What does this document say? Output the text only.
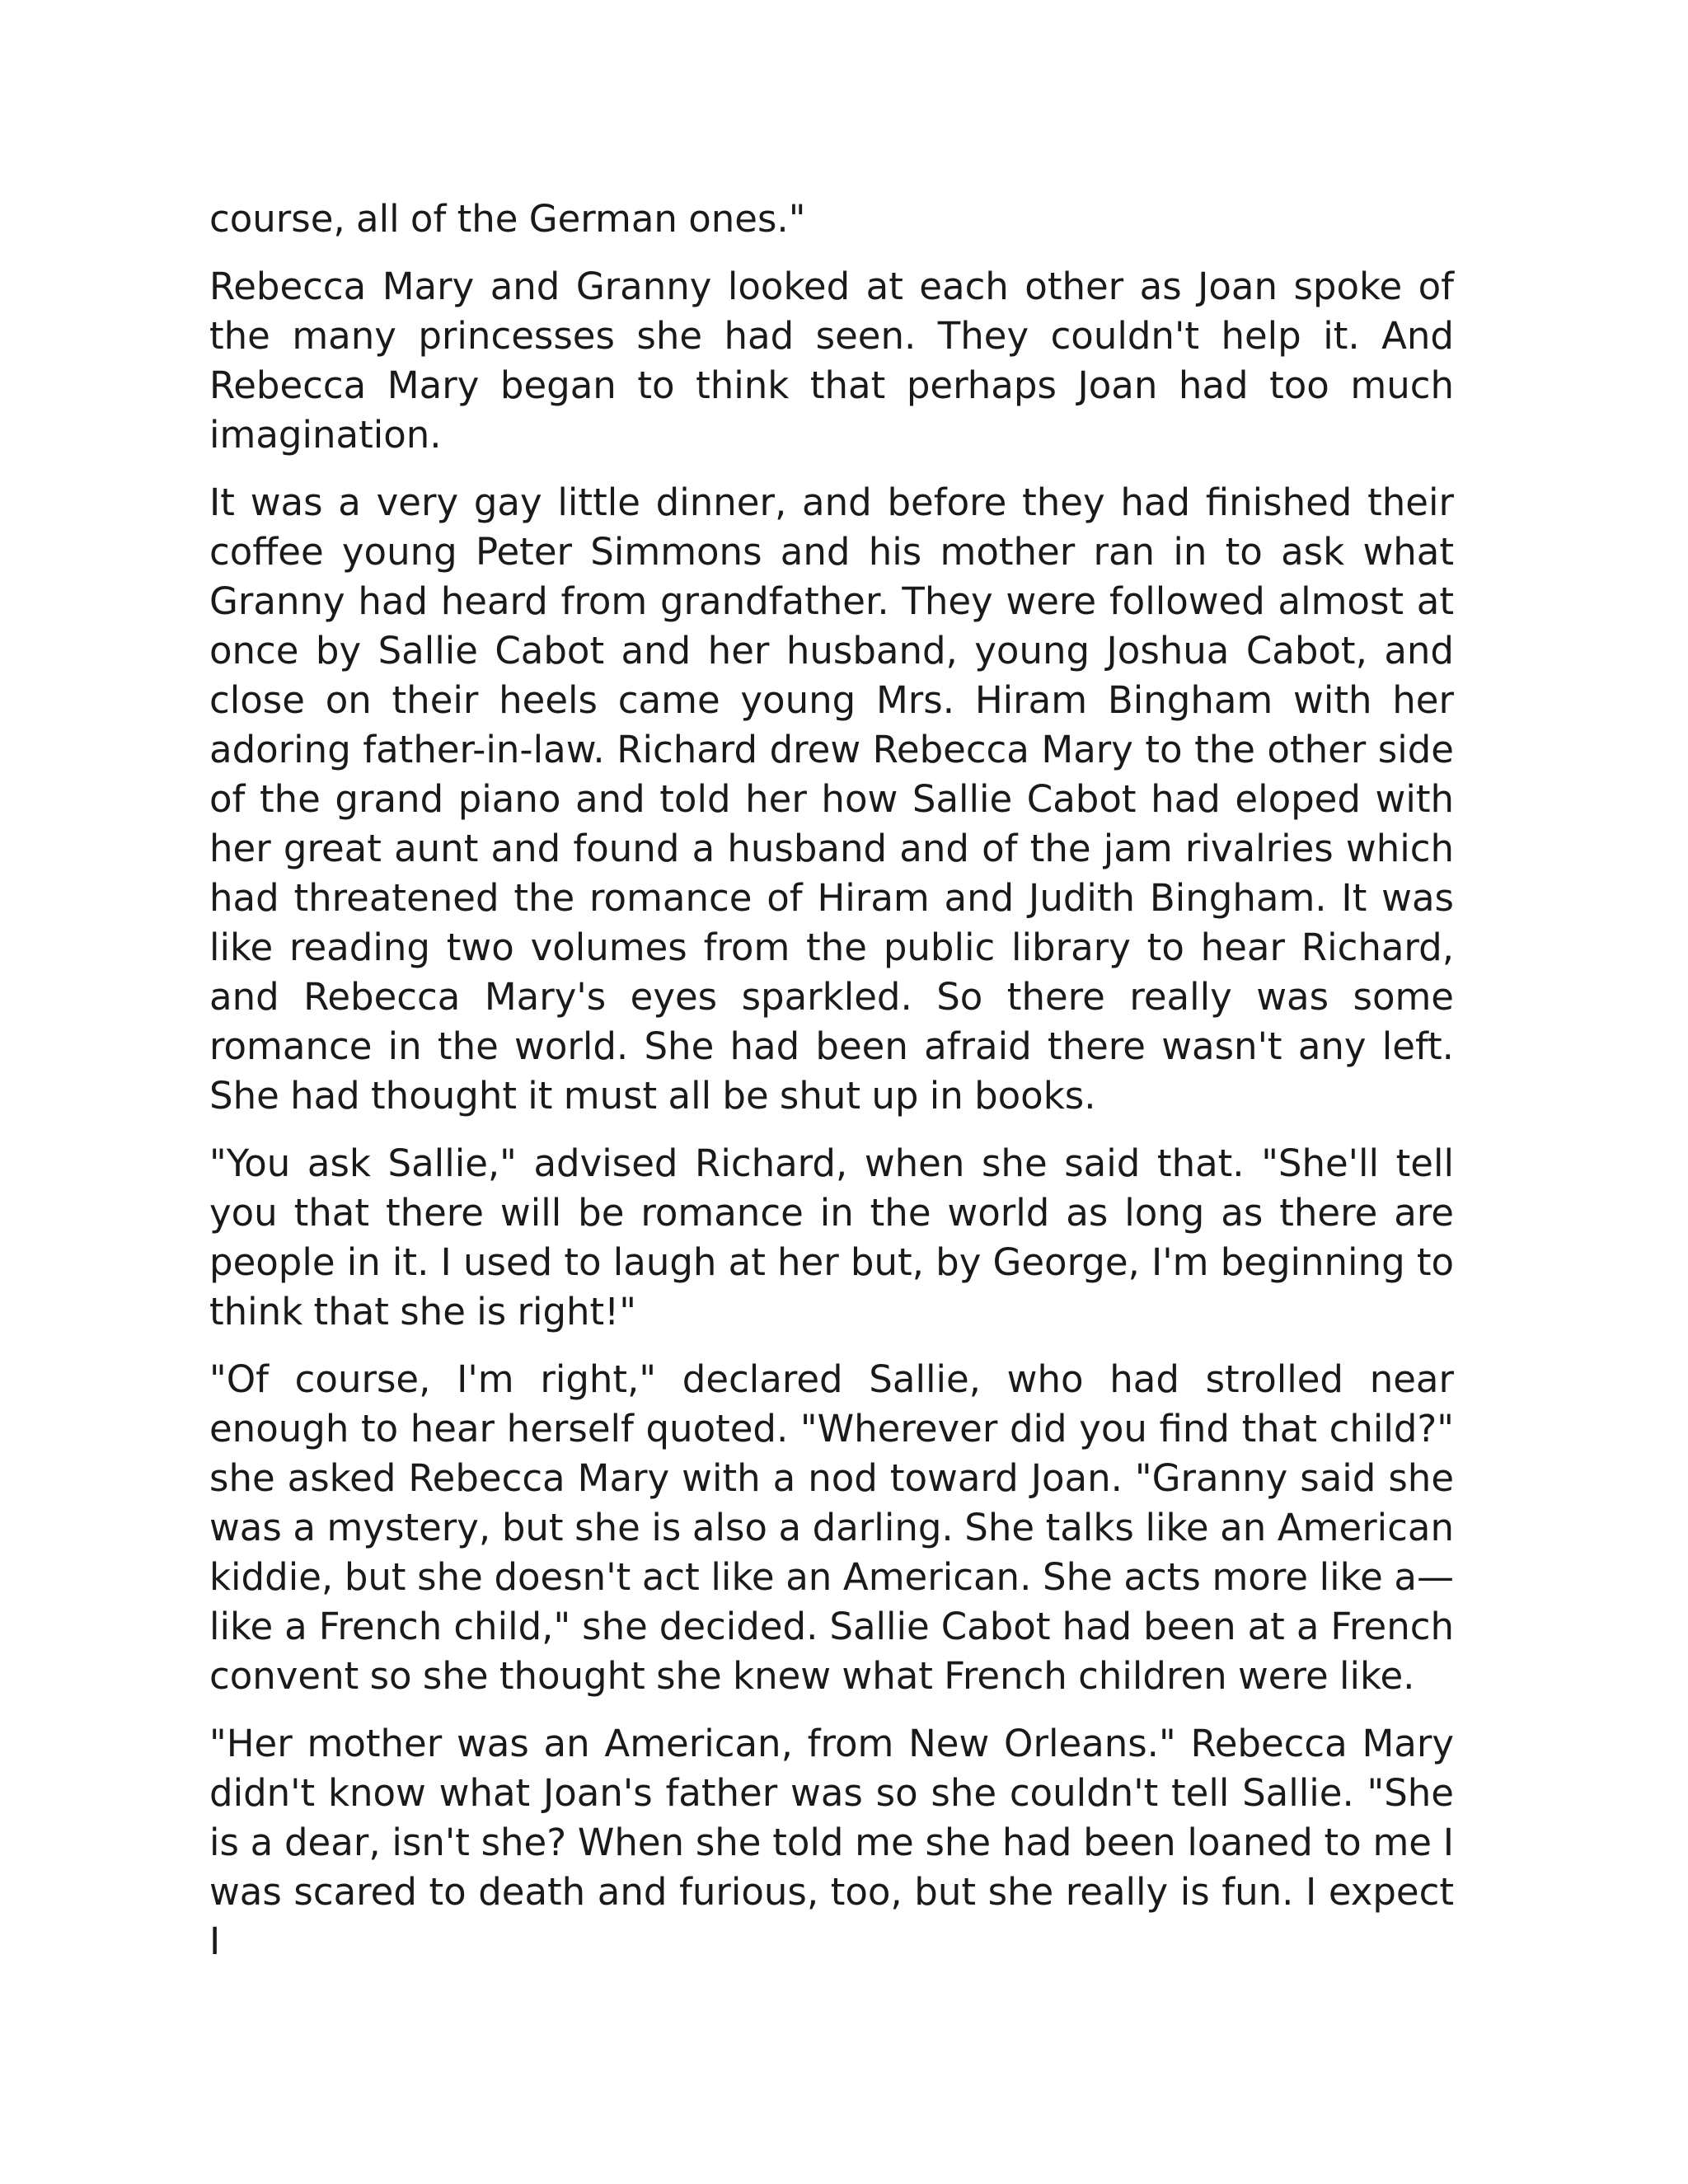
course, all of the German ones."

Rebecca Mary and Granny looked at each other as Joan spoke of the many princesses she had seen. They couldn't help it. And Rebecca Mary began to think that perhaps Joan had too much imagination.

It was a very gay little dinner, and before they had finished their coffee young Peter Simmons and his mother ran in to ask what Granny had heard from grandfather. They were followed almost at once by Sallie Cabot and her husband, young Joshua Cabot, and close on their heels came young Mrs. Hiram Bingham with her adoring father-in-law. Richard drew Rebecca Mary to the other side of the grand piano and told her how Sallie Cabot had eloped with her great aunt and found a husband and of the jam rivalries which had threatened the romance of Hiram and Judith Bingham. It was like reading two volumes from the public library to hear Richard, and Rebecca Mary's eyes sparkled. So there really was some romance in the world. She had been afraid there wasn't any left. She had thought it must all be shut up in books.

"You ask Sallie," advised Richard, when she said that. "She'll tell you that there will be romance in the world as long as there are people in it. I used to laugh at her but, by George, I'm beginning to think that she is right!"

"Of course, I'm right," declared Sallie, who had strolled near enough to hear herself quoted. "Wherever did you find that child?" she asked Rebecca Mary with a nod toward Joan. "Granny said she was a mystery, but she is also a darling. She talks like an American kiddie, but she doesn't act like an American. She acts more like a— like a French child," she decided. Sallie Cabot had been at a French convent so she thought she knew what French children were like.

"Her mother was an American, from New Orleans." Rebecca Mary didn't know what Joan's father was so she couldn't tell Sallie. "She is a dear, isn't she? When she told me she had been loaned to me I was scared to death and furious, too, but she really is fun. I expect I
